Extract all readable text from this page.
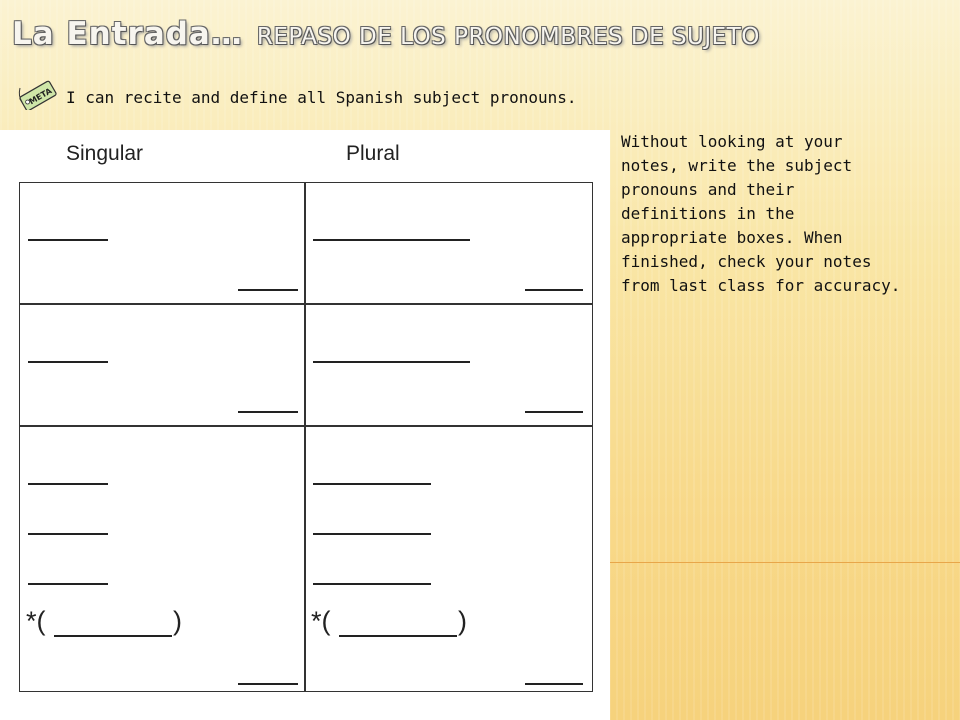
La Entrada… REPASO DE LOS PRONOMBRES DE SUJETO
META I can recite and define all Spanish subject pronouns.

Singular	Plural
*(	)	*(	)

Without looking at your
notes, write the subject
pronouns and their
definitions in the
appropriate boxes. When
finished, check your notes
from last class for accuracy.
